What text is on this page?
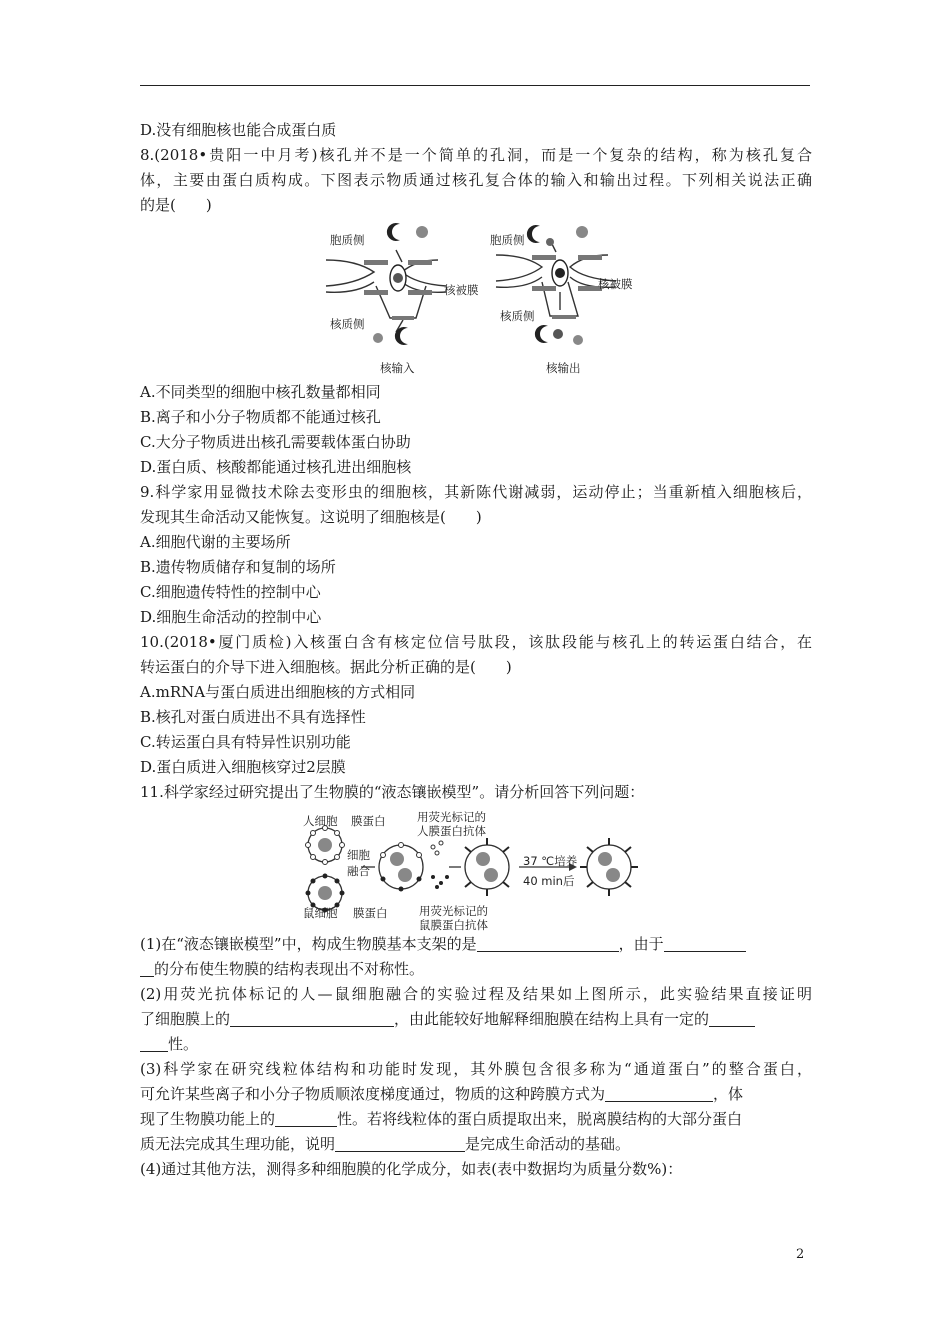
D.没有细胞核也能合成蛋白质
8.(2018•贵阳一中月考)核孔并不是一个简单的孔洞，而是一个复杂的结构，称为核孔复合
体，主要由蛋白质构成。下图表示物质通过核孔复合体的输入和输出过程。下列相关说法正确
的是(　　)
胞质侧
核被膜
核质侧
核输入
胞质侧
核被膜
核质侧
核输出
A.不同类型的细胞中核孔数量都相同
B.离子和小分子物质都不能通过核孔
C.大分子物质进出核孔需要载体蛋白协助
D.蛋白质、核酸都能通过核孔进出细胞核
9.科学家用显微技术除去变形虫的细胞核，其新陈代谢减弱，运动停止；当重新植入细胞核后，
发现其生命活动又能恢复。这说明了细胞核是(　　)
A.细胞代谢的主要场所
B.遗传物质储存和复制的场所
C.细胞遗传特性的控制中心
D.细胞生命活动的控制中心
10.(2018•厦门质检)入核蛋白含有核定位信号肽段，该肽段能与核孔上的转运蛋白结合，在
转运蛋白的介导下进入细胞核。据此分析正确的是(　　)
A.mRNA与蛋白质进出细胞核的方式相同
B.核孔对蛋白质进出不具有选择性
C.转运蛋白具有特异性识别功能
D.蛋白质进入细胞核穿过2层膜
11.科学家经过研究提出了生物膜的“液态镶嵌模型”。请分析回答下列问题：
人细胞 膜蛋白	用荧光标记的
人膜蛋白抗体
细胞
融合
37 ℃培养
40 min后
鼠细胞 膜蛋白	用荧光标记的
鼠膜蛋白抗体
(1)在“液态镶嵌模型”中，构成生物膜基本支架的是	，由于
的分布使生物膜的结构表现出不对称性。
(2)用荧光抗体标记的人—鼠细胞融合的实验过程及结果如上图所示，此实验结果直接证明
了细胞膜上的	，由此能较好地解释细胞膜在结构上具有一定的
性。
(3)科学家在研究线粒体结构和功能时发现，其外膜包含很多称为“通道蛋白”的整合蛋白，
可允许某些离子和小分子物质顺浓度梯度通过，物质的这种跨膜方式为	，体
现了生物膜功能上的	性。若将线粒体的蛋白质提取出来，脱离膜结构的大部分蛋白
质无法完成其生理功能，说明	是完成生命活动的基础。
(4)通过其他方法，测得多种细胞膜的化学成分，如表(表中数据均为质量分数%)：
2
